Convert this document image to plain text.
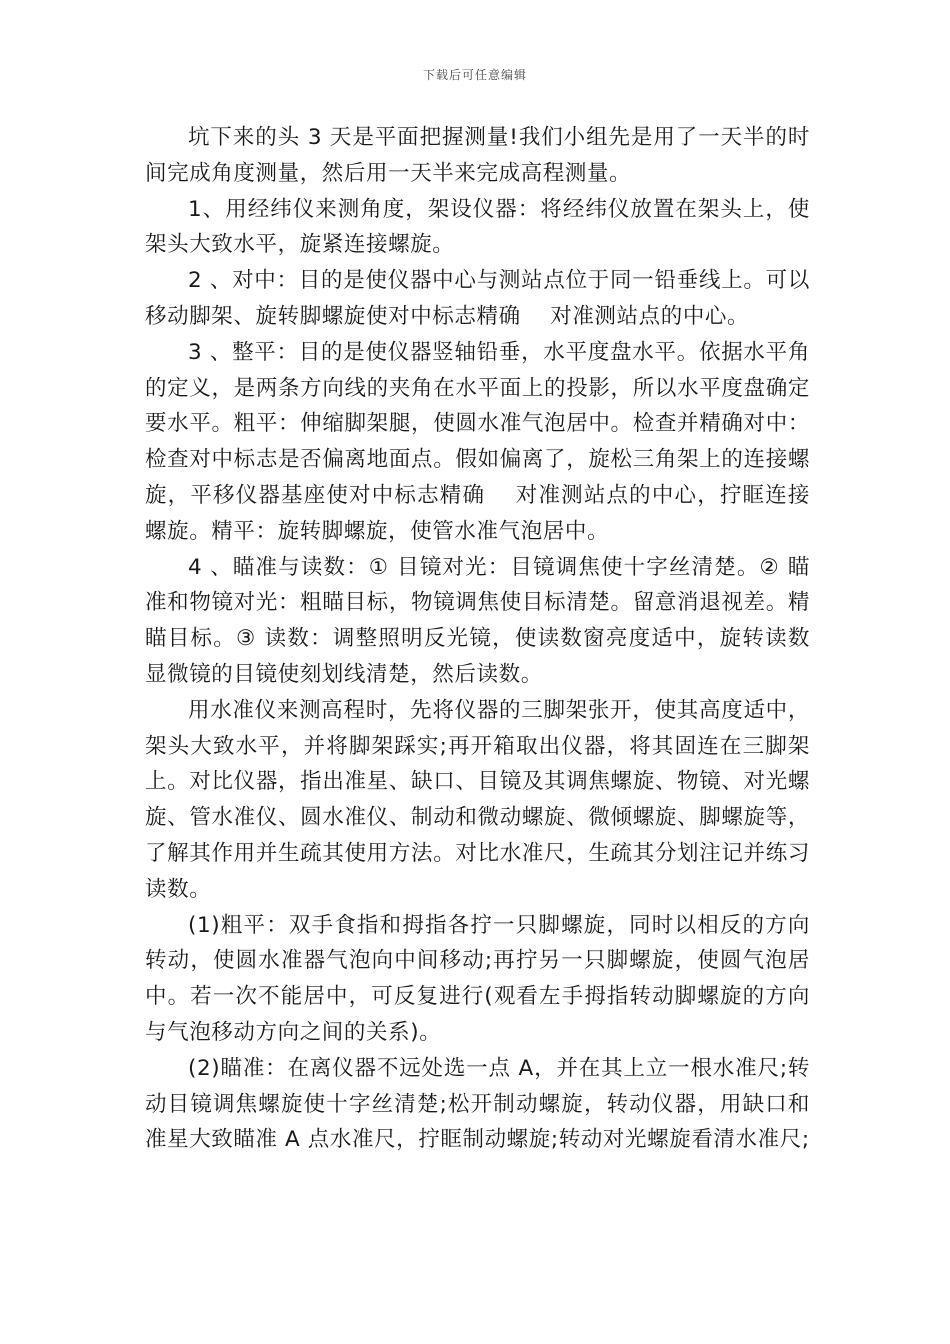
下载后可任意编辑

坑下来的头 3 天是平面把握测量!我们小组先是用了一天半的时间完成角度测量，然后用一天半来完成高程测量。

1、用经纬仪来测角度，架设仪器：将经纬仪放置在架头上，使架头大致水平，旋紧连接螺旋。

2 、对中：目的是使仪器中心与测站点位于同一铅垂线上。可以移动脚架、旋转脚螺旋使对中标志精确　 对准测站点的中心。

3 、整平：目的是使仪器竖轴铅垂，水平度盘水平。依据水平角的定义，是两条方向线的夹角在水平面上的投影，所以水平度盘确定要水平。粗平：伸缩脚架腿，使圆水准气泡居中。检查并精确对中：检查对中标志是否偏离地面点。假如偏离了，旋松三角架上的连接螺旋，平移仪器基座使对中标志精确　 对准测站点的中心，拧眶连接螺旋。精平：旋转脚螺旋，使管水准气泡居中。

4 、瞄准与读数：① 目镜对光：目镜调焦使十字丝清楚。② 瞄准和物镜对光：粗瞄目标，物镜调焦使目标清楚。留意消退视差。精瞄目标。③ 读数：调整照明反光镜，使读数窗亮度适中，旋转读数显微镜的目镜使刻划线清楚，然后读数。

用水准仪来测高程时，先将仪器的三脚架张开，使其高度适中，架头大致水平，并将脚架踩实;再开箱取出仪器，将其固连在三脚架上。对比仪器，指出准星、缺口、目镜及其调焦螺旋、物镜、对光螺旋、管水准仪、圆水准仪、制动和微动螺旋、微倾螺旋、脚螺旋等，了解其作用并生疏其使用方法。对比水准尺，生疏其分划注记并练习读数。

(1)粗平：双手食指和拇指各拧一只脚螺旋，同时以相反的方向转动，使圆水准器气泡向中间移动;再拧另一只脚螺旋，使圆气泡居中。若一次不能居中，可反复进行(观看左手拇指转动脚螺旋的方向与气泡移动方向之间的关系)。

(2)瞄准：在离仪器不远处选一点 A，并在其上立一根水准尺;转动目镜调焦螺旋使十字丝清楚;松开制动螺旋，转动仪器，用缺口和准星大致瞄准 A 点水准尺，拧眶制动螺旋;转动对光螺旋看清水准尺;
